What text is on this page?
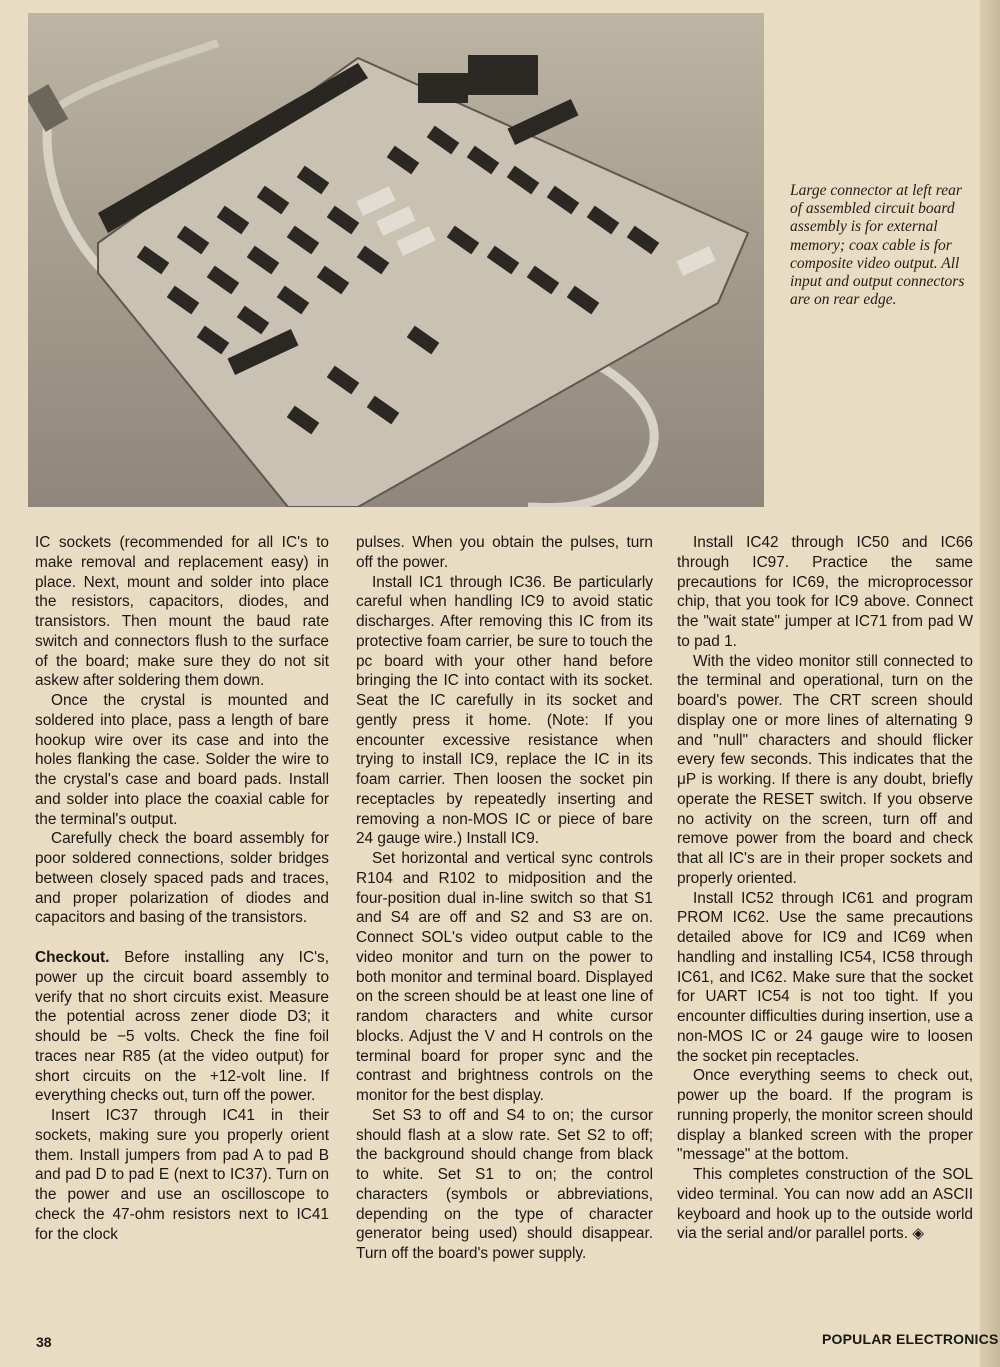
Large connector at left rear of assembled circuit board assembly is for external memory; coax cable is for composite video output. All input and output connectors are on rear edge.

IC sockets (recommended for all IC's to make removal and replacement easy) in place. Next, mount and solder into place the resistors, capacitors, diodes, and transistors. Then mount the baud rate switch and connectors flush to the surface of the board; make sure they do not sit askew after soldering them down.

Once the crystal is mounted and soldered into place, pass a length of bare hookup wire over its case and into the holes flanking the case. Solder the wire to the crystal's case and board pads. Install and solder into place the coaxial cable for the terminal's output.

Carefully check the board assembly for poor soldered connections, solder bridges between closely spaced pads and traces, and proper polarization of diodes and capacitors and basing of the transistors.

Checkout. Before installing any IC's, power up the circuit board assembly to verify that no short circuits exist. Measure the potential across zener diode D3; it should be −5 volts. Check the fine foil traces near R85 (at the video output) for short circuits on the +12-volt line. If everything checks out, turn off the power.

Insert IC37 through IC41 in their sockets, making sure you properly orient them. Install jumpers from pad A to pad B and pad D to pad E (next to IC37). Turn on the power and use an oscilloscope to check the 47-ohm resistors next to IC41 for the clock

pulses. When you obtain the pulses, turn off the power.

Install IC1 through IC36. Be particularly careful when handling IC9 to avoid static discharges. After removing this IC from its protective foam carrier, be sure to touch the pc board with your other hand before bringing the IC into contact with its socket. Seat the IC carefully in its socket and gently press it home. (Note: If you encounter excessive resistance when trying to install IC9, replace the IC in its foam carrier. Then loosen the socket pin receptacles by repeatedly inserting and removing a non-MOS IC or piece of bare 24 gauge wire.) Install IC9.

Set horizontal and vertical sync controls R104 and R102 to midposition and the four-position dual in-line switch so that S1 and S4 are off and S2 and S3 are on. Connect SOL's video output cable to the video monitor and turn on the power to both monitor and terminal board. Displayed on the screen should be at least one line of random characters and white cursor blocks. Adjust the V and H controls on the terminal board for proper sync and the contrast and brightness controls on the monitor for the best display.

Set S3 to off and S4 to on; the cursor should flash at a slow rate. Set S2 to off; the background should change from black to white. Set S1 to on; the control characters (symbols or abbreviations, depending on the type of character generator being used) should disappear. Turn off the board's power supply.

Install IC42 through IC50 and IC66 through IC97. Practice the same precautions for IC69, the microprocessor chip, that you took for IC9 above. Connect the "wait state" jumper at IC71 from pad W to pad 1.

With the video monitor still connected to the terminal and operational, turn on the board's power. The CRT screen should display one or more lines of alternating 9 and "null" characters and should flicker every few seconds. This indicates that the μP is working. If there is any doubt, briefly operate the RESET switch. If you observe no activity on the screen, turn off and remove power from the board and check that all IC's are in their proper sockets and properly oriented.

Install IC52 through IC61 and program PROM IC62. Use the same precautions detailed above for IC9 and IC69 when handling and installing IC54, IC58 through IC61, and IC62. Make sure that the socket for UART IC54 is not too tight. If you encounter difficulties during insertion, use a non-MOS IC or 24 gauge wire to loosen the socket pin receptacles.

Once everything seems to check out, power up the board. If the program is running properly, the monitor screen should display a blanked screen with the proper "message" at the bottom.

This completes construction of the SOL video terminal. You can now add an ASCII keyboard and hook up to the outside world via the serial and/or parallel ports. ◈

38	POPULAR ELECTRONICS
